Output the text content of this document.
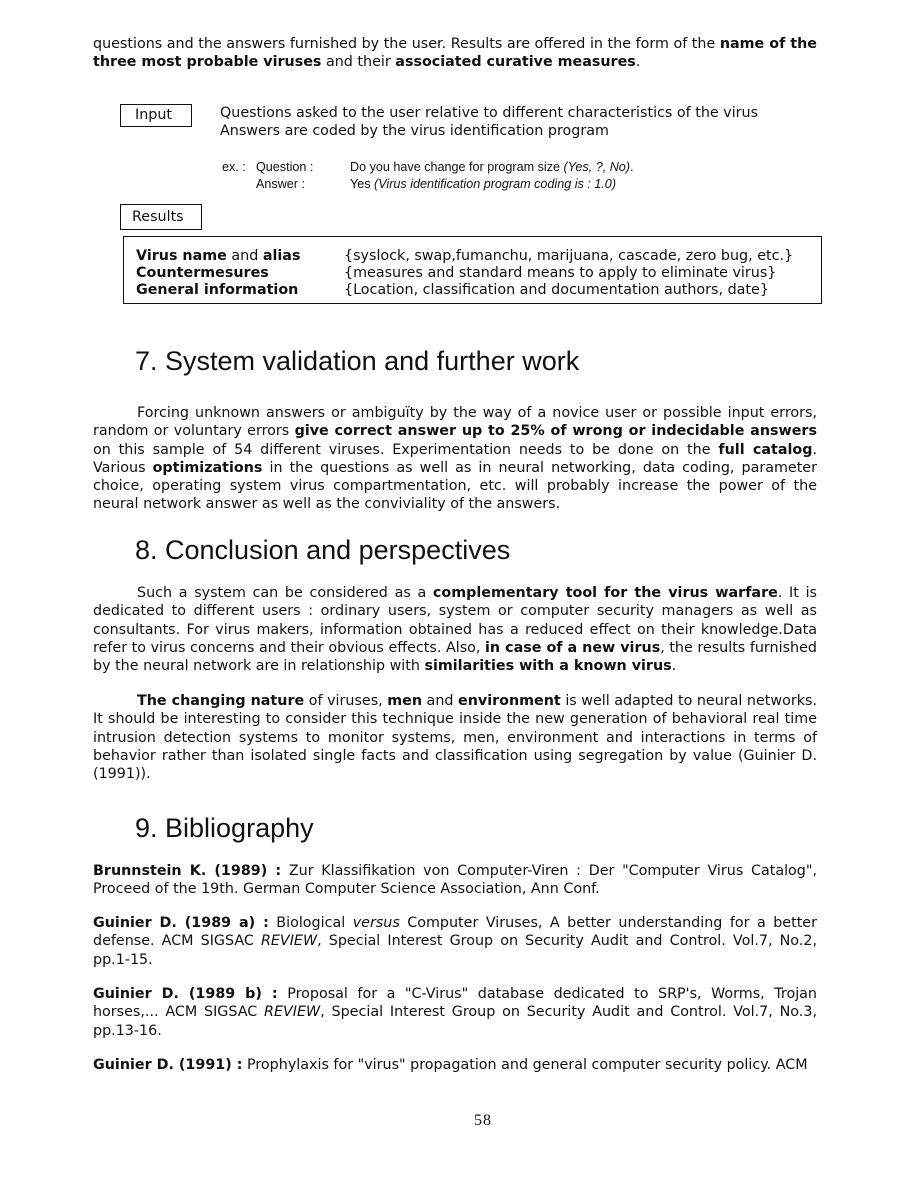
questions and the answers furnished by the user. Results are offered in the form of the name of the three most probable viruses and their associated curative measures.

Input	Questions asked to the user relative to different characteristics of the virus
Answers are coded by the virus identification program
ex. : Question :	Do you have change for program size (Yes, ?, No).
Answer :	Yes (Virus identification program coding is : 1.0)
Results
Virus name and alias	{syslock, swap,fumanchu, marijuana, cascade, zero bug, etc.}
Countermesures	{measures and standard means to apply to eliminate virus}
General information	{Location, classification and documentation authors, date}
7. System validation and further work

Forcing unknown answers or ambiguïty by the way of a novice user or possible input errors, random or voluntary errors give correct answer up to 25% of wrong or indecidable answers on this sample of 54 different viruses. Experimentation needs to be done on the full catalog. Various optimizations in the questions as well as in neural networking, data coding, parameter choice, operating system virus compartmentation, etc. will probably increase the power of the neural network answer as well as the conviviality of the answers.

8. Conclusion and perspectives

Such a system can be considered as a complementary tool for the virus warfare. It is dedicated to different users : ordinary users, system or computer security managers as well as consultants. For virus makers, information obtained has a reduced effect on their knowledge.Data refer to virus concerns and their obvious effects. Also, in case of a new virus, the results furnished by the neural network are in relationship with similarities with a known virus.

The changing nature of viruses, men and environment is well adapted to neural networks. It should be interesting to consider this technique inside the new generation of behavioral real time intrusion detection systems to monitor systems, men, environment and interactions in terms of behavior rather than isolated single facts and classification using segregation by value (Guinier D. (1991)).

9. Bibliography

Brunnstein K. (1989) : Zur Klassifikation von Computer-Viren : Der "Computer Virus Catalog", Proceed of the 19th. German Computer Science Association, Ann Conf.

Guinier D. (1989 a) : Biological versus Computer Viruses, A better understanding for a better defense. ACM SIGSAC REVIEW, Special Interest Group on Security Audit and Control. Vol.7, No.2, pp.1-15.

Guinier D. (1989 b) : Proposal for a "C-Virus" database dedicated to SRP's, Worms, Trojan horses,... ACM SIGSAC REVIEW, Special Interest Group on Security Audit and Control. Vol.7, No.3, pp.13-16.

Guinier D. (1991) : Prophylaxis for "virus" propagation and general computer security policy. ACM

58
